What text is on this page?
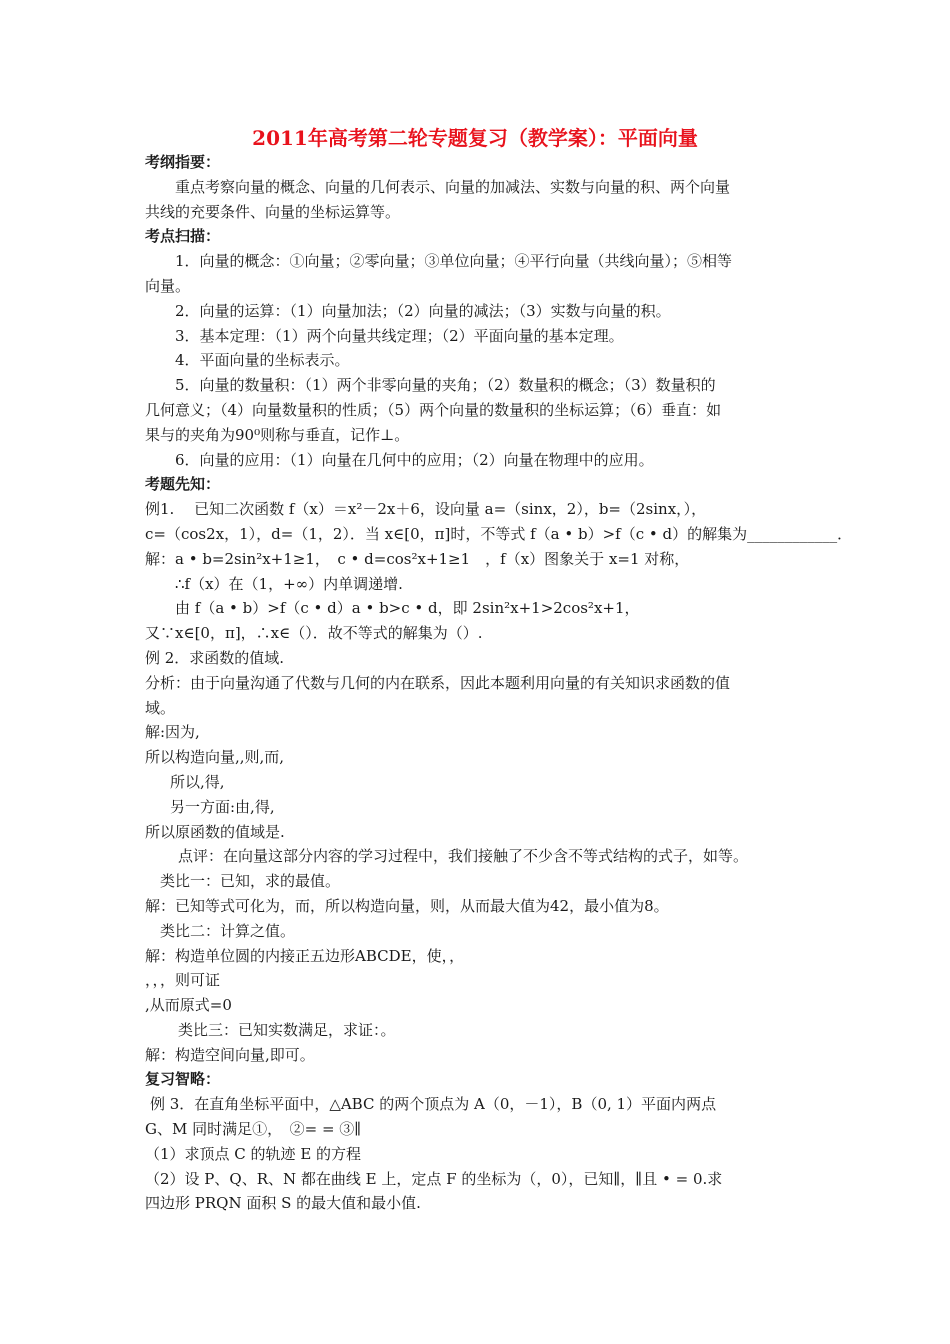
2011年高考第二轮专题复习（教学案）：平面向量
考纲指要：
重点考察向量的概念、向量的几何表示、向量的加减法、实数与向量的积、两个向量
共线的充要条件、向量的坐标运算等。
考点扫描：
1．向量的概念：①向量；②零向量；③单位向量；④平行向量（共线向量）；⑤相等
向量。
2．向量的运算：（1）向量加法；（2）向量的减法；（3）实数与向量的积。
3．基本定理：（1）两个向量共线定理；（2）平面向量的基本定理。
4．平面向量的坐标表示。
5．向量的数量积：（1）两个非零向量的夹角；（2）数量积的概念；（3）数量积的
几何意义；（4）向量数量积的性质；（5）两个向量的数量积的坐标运算；（6）垂直：如
果与的夹角为90⁰则称与垂直，记作⊥。
6．向量的应用：（1）向量在几何中的应用；（2）向量在物理中的应用。
考题先知：
例1.　 已知二次函数 f（x）＝x²－2x＋6，设向量 a=（sinx，2），b=（2sinx，），
c=（cos2x，1），d=（1，2）．当 x∈[0，π]时，不等式 f（a • b）>f（c • d）的解集为____________．
解：a • b=2sin²x+1≥1，　c • d=cos²x+1≥1　，f（x）图象关于 x=1 对称，
∴f（x）在（1，+∞）内单调递增.
由 f（a • b）>f（c • d）a • b>c • d，即 2sin²x+1>2cos²x+1，
又∵x∈[0，π]，∴x∈（）．故不等式的解集为（）.
例 2．求函数的值域.
分析：由于向量沟通了代数与几何的内在联系，因此本题利用向量的有关知识求函数的值
域。
解:因为,
所以构造向量,,则,而,
所以,得,
另一方面:由,得,
所以原函数的值域是.
点评：在向量这部分内容的学习过程中，我们接触了不少含不等式结构的式子，如等。
类比一：已知，求的最值。
解：已知等式可化为，而，所以构造向量，则，从而最大值为42，最小值为8。
类比二：计算之值。
解：构造单位圆的内接正五边形ABCDE，使，，
，，，则可证
,从而原式=0
类比三：已知实数满足，求证：。
解：构造空间向量,即可。
复习智略：
例 3．在直角坐标平面中，△ABC 的两个顶点为 A（0，－1），B（0, 1）平面内两点
G、M 同时满足①，　②= = ③∥
（1）求顶点 C 的轨迹 E 的方程
（2）设 P、Q、R、N 都在曲线 E 上，定点 F 的坐标为（，0），已知∥，∥且 • = 0.求
四边形 PRQN 面积 S 的最大值和最小值.
